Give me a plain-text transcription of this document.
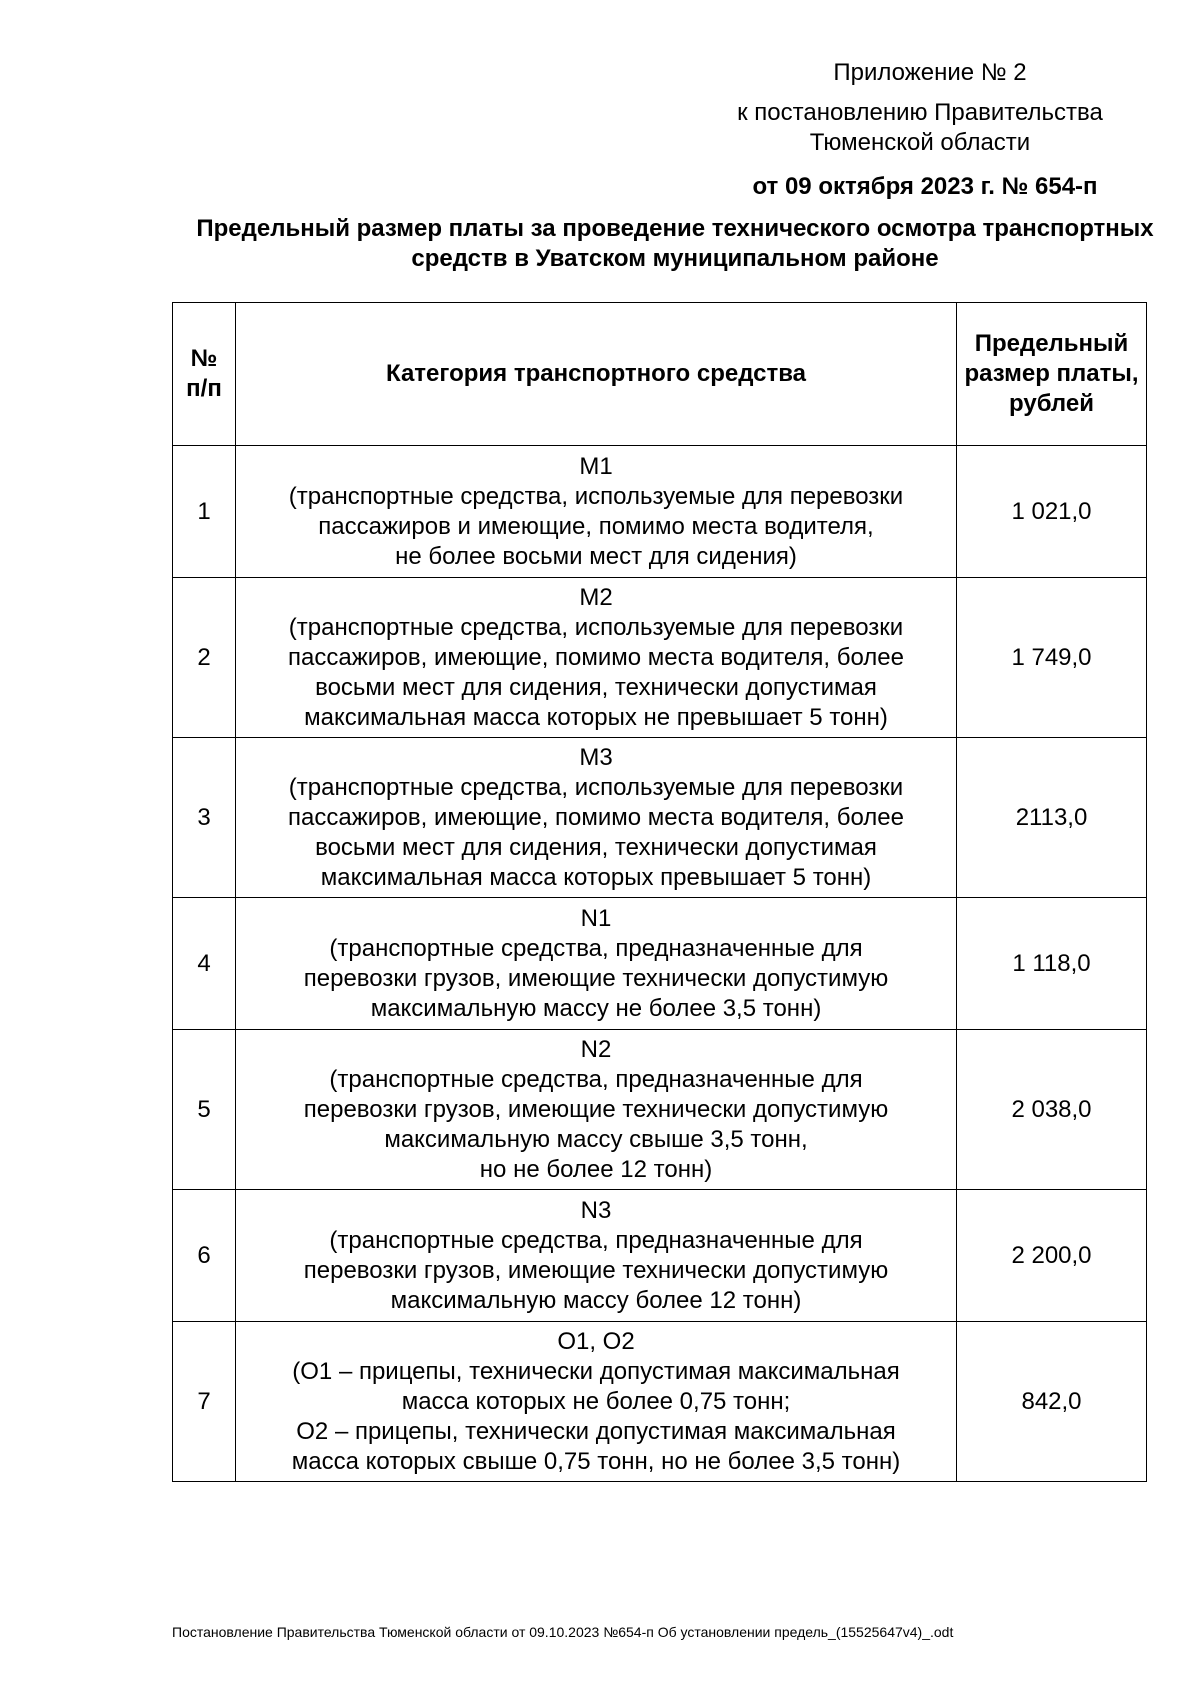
Приложение № 2
к постановлению Правительства Тюменской области
от 09 октября 2023 г. № 654-п
Предельный размер платы за проведение технического осмотра транспортных средств в Уватском муниципальном районе
№ п/п	Категория транспортного средства	Предельный размер платы, рублей
1	М1
(транспортные средства, используемые для перевозки
пассажиров и имеющие, помимо места водителя,
не более восьми мест для сидения)	1 021,0
2	М2
(транспортные средства, используемые для перевозки
пассажиров, имеющие, помимо места водителя, более
восьми мест для сидения, технически допустимая
максимальная масса которых не превышает 5 тонн)	1 749,0
3	М3
(транспортные средства, используемые для перевозки
пассажиров, имеющие, помимо места водителя, более
восьми мест для сидения, технически допустимая
максимальная масса которых превышает 5 тонн)	2113,0
4	N1
(транспортные средства, предназначенные для
перевозки грузов, имеющие технически допустимую
максимальную массу не более 3,5 тонн)	1 118,0
5	N2
(транспортные средства, предназначенные для
перевозки грузов, имеющие технически допустимую
максимальную массу свыше 3,5 тонн,
но не более 12 тонн)	2 038,0
6	N3
(транспортные средства, предназначенные для
перевозки грузов, имеющие технически допустимую
максимальную массу более 12 тонн)	2 200,0
7	О1, О2
(О1 – прицепы, технически допустимая максимальная
масса которых не более 0,75 тонн;
О2 – прицепы, технически допустимая максимальная
масса которых свыше 0,75 тонн, но не более 3,5 тонн)	842,0
Постановление Правительства Тюменской области от 09.10.2023 №654-п Об установлении предель_(15525647v4)_.odt
